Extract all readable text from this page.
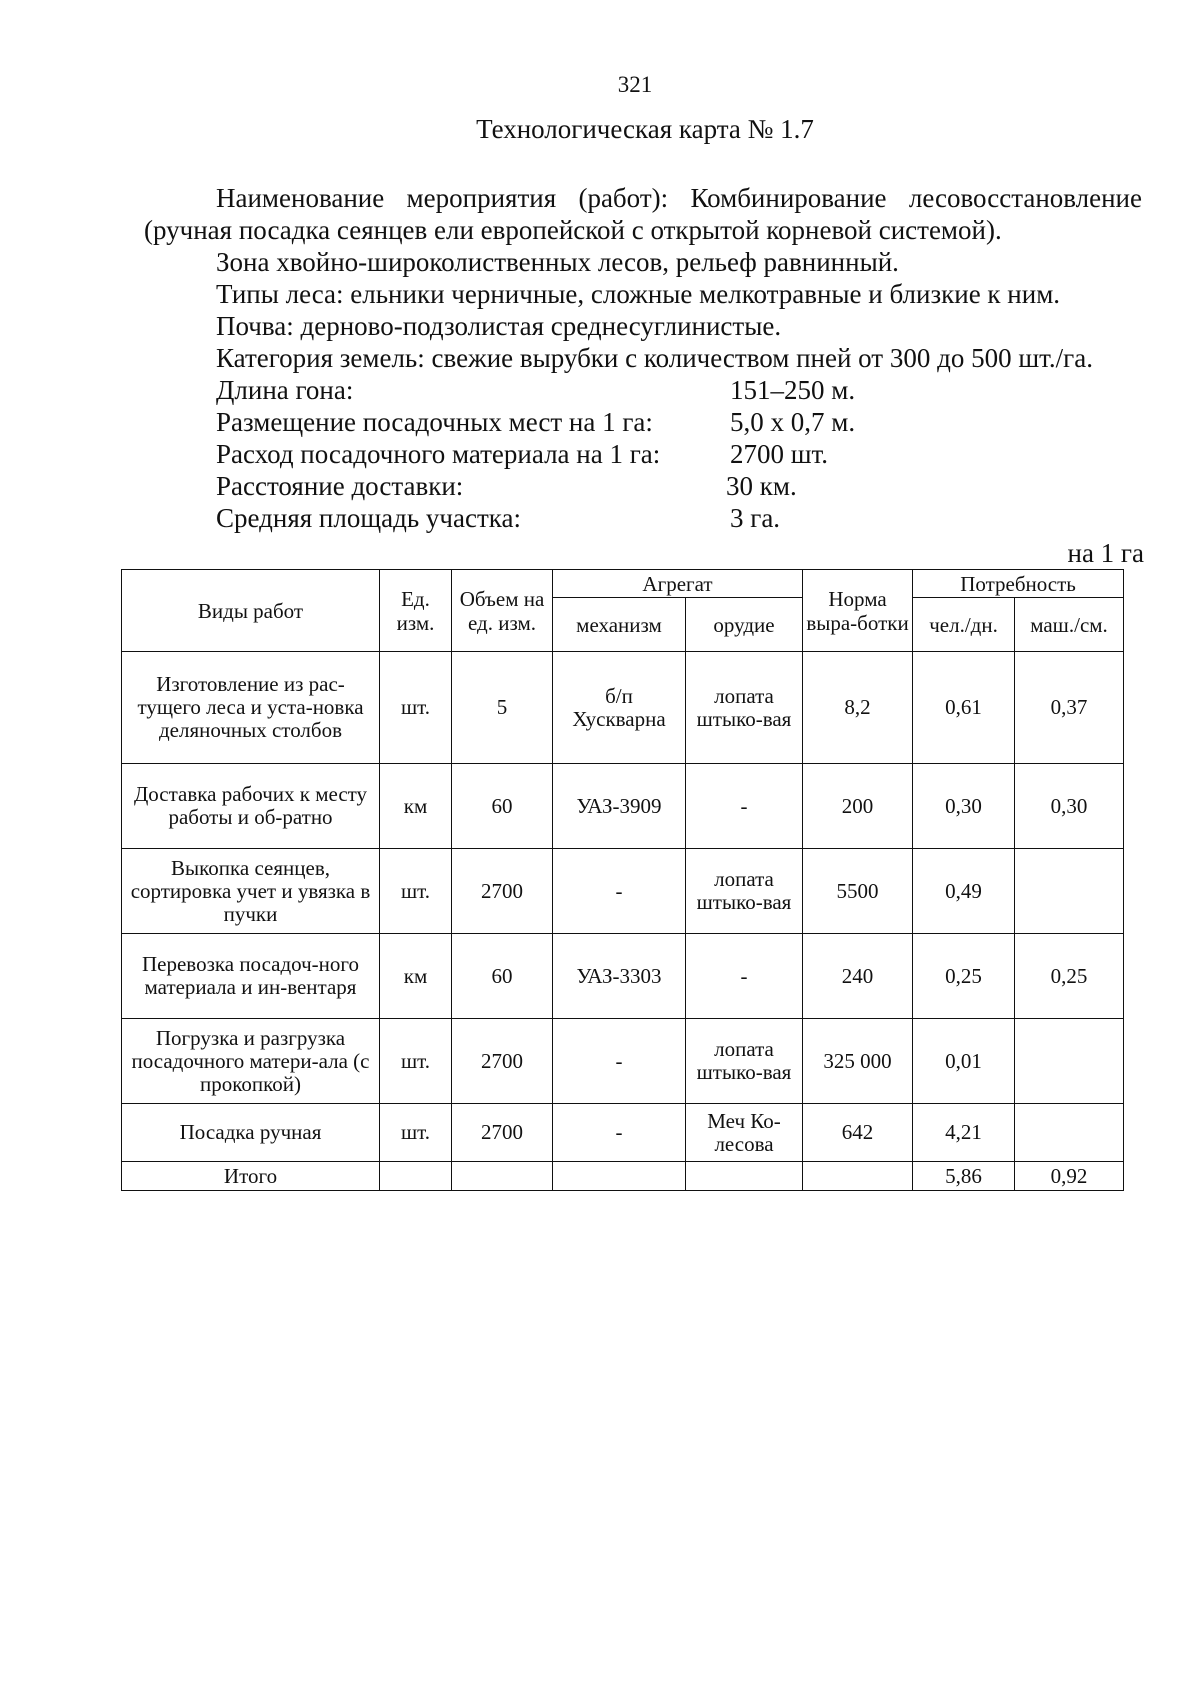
321
Технологическая карта № 1.7
Наименование мероприятия (работ): Комбинирование лесовосстановление
(ручная посадка сеянцев ели европейской с открытой корневой системой).
Зона хвойно-широколиственных лесов, рельеф равнинный.
Типы леса: ельники черничные, сложные мелкотравные и близкие к ним.
Почва: дерново-подзолистая среднесуглинистые.
Категория земель: свежие вырубки с количеством пней от 300 до 500 шт./га.
Длина гона:	151–250 м.
Размещение посадочных мест на 1 га:	5,0 х 0,7 м.
Расход посадочного материала на 1 га:	2700 шт.
Расстояние доставки:	30 км.
Средняя площадь участка:	3 га.
на 1 га
Виды работ	Ед. изм.	Объем на ед. изм.	Агрегат		Норма выра-ботки	Потребность	
			механизм	орудие		чел./дн.	маш./см.
Изготовление из рас-тущего леса и уста-новка деляночных столбов	шт.	5	б/п Хускварна	лопата штыко-вая	8,2	0,61	0,37
Доставка рабочих к месту работы и об-ратно	км	60	УАЗ-3909	-	200	0,30	0,30
Выкопка сеянцев, сортировка учет и увязка в пучки	шт.	2700	-	лопата штыко-вая	5500	0,49	
Перевозка посадоч-ного материала и ин-вентаря	км	60	УАЗ-3303	-	240	0,25	0,25
Погрузка и разгрузка посадочного матери-ала (с прокопкой)	шт.	2700	-	лопата штыко-вая	325 000	0,01	
Посадка ручная	шт.	2700	-	Меч Ко-лесова	642	4,21	
Итого						5,86	0,92
